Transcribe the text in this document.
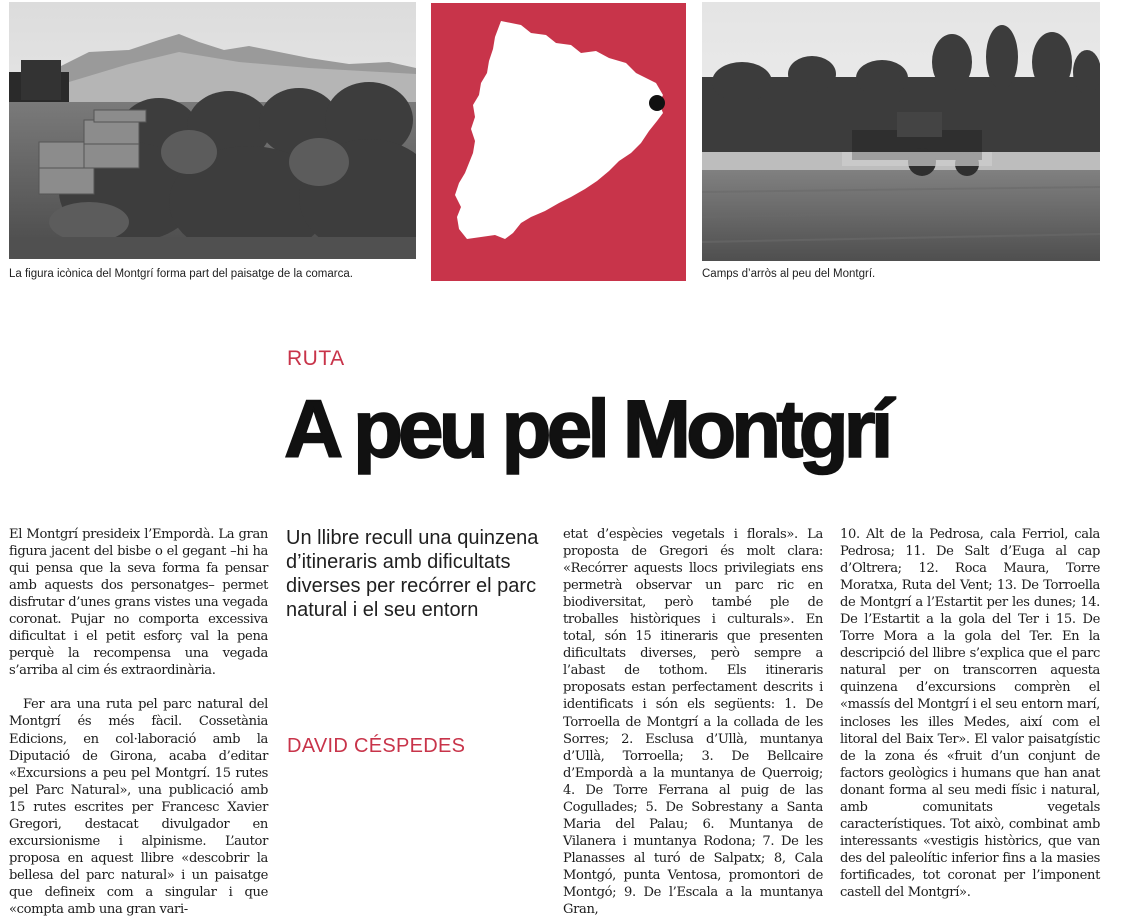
La figura icònica del Montgrí forma part del paisatge de la comarca.	Camps d’arròs al peu del Montgrí.
RUTA
A peu pel Montgrí

El Montgrí presideix l’Empordà. La gran figura jacent del bisbe o el gegant –hi ha qui pensa que la seva forma fa pensar amb aquests dos personatges– permet disfrutar d’unes grans vistes una vegada coronat. Pujar no comporta excessiva dificultat i el petit esforç val la pena perquè la recompensa una vegada s’arriba al cim és extraordinària.

Fer ara una ruta pel parc natural del Montgrí és més fàcil. Cossetània Edicions, en col·laboració amb la Diputació de Girona, acaba d’editar «Excursions a peu pel Montgrí. 15 rutes pel Parc Natural», una publicació amb 15 rutes escrites per Francesc Xavier Gregori, destacat divulgador en excursionisme i alpinisme. L’autor proposa en aquest llibre «descobrir la bellesa del parc natural» i un paisatge que defineix com a singular i que «compta amb una gran vari-

Un llibre recull una quinzena d’itineraris amb dificultats diverses per recórrer el parc natural i el seu entorn

DAVID CÉSPEDES

etat d’espècies vegetals i florals». La proposta de Gregori és molt clara: «Recórrer aquests llocs privilegiats ens permetrà observar un parc ric en biodiversitat, però també ple de troballes històriques i culturals». En total, són 15 itineraris que presenten dificultats diverses, però sempre a l’abast de tothom. Els itineraris proposats estan perfectament descrits i identificats i són els següents: 1. De Torroella de Montgrí a la collada de les Sorres; 2. Esclusa d’Ullà, muntanya d’Ullà, Torroella; 3. De Bellcaire d’Empordà a la muntanya de Querroig; 4. De Torre Ferrana al puig de las Cogullades; 5. De Sobrestany a Santa Maria del Palau; 6. Muntanya de Vilanera i muntanya Rodona; 7. De les Planasses al turó de Salpatx; 8, Cala Montgó, punta Ventosa, promontori de Montgó; 9. De l’Escala a la muntanya Gran,

10. Alt de la Pedrosa, cala Ferriol, cala Pedrosa; 11. De Salt d’Euga al cap d’Oltrera; 12. Roca Maura, Torre Moratxa, Ruta del Vent; 13. De Torroella de Montgrí a l’Estartit per les dunes; 14. De l’Estartit a la gola del Ter i 15. De Torre Mora a la gola del Ter. En la descripció del llibre s’explica que el parc natural per on transcorren aquesta quinzena d’excursions comprèn el «massís del Montgrí i el seu entorn marí, incloses les illes Medes, així com el litoral del Baix Ter». El valor paisatgístic de la zona és «fruit d’un conjunt de factors geològics i humans que han anat donant forma al seu medi físic i natural, amb comunitats vegetals característiques. Tot això, combinat amb interessants «vestigis històrics, que van des del paleolític inferior fins a la masies fortificades, tot coronat per l’imponent castell del Montgrí».
